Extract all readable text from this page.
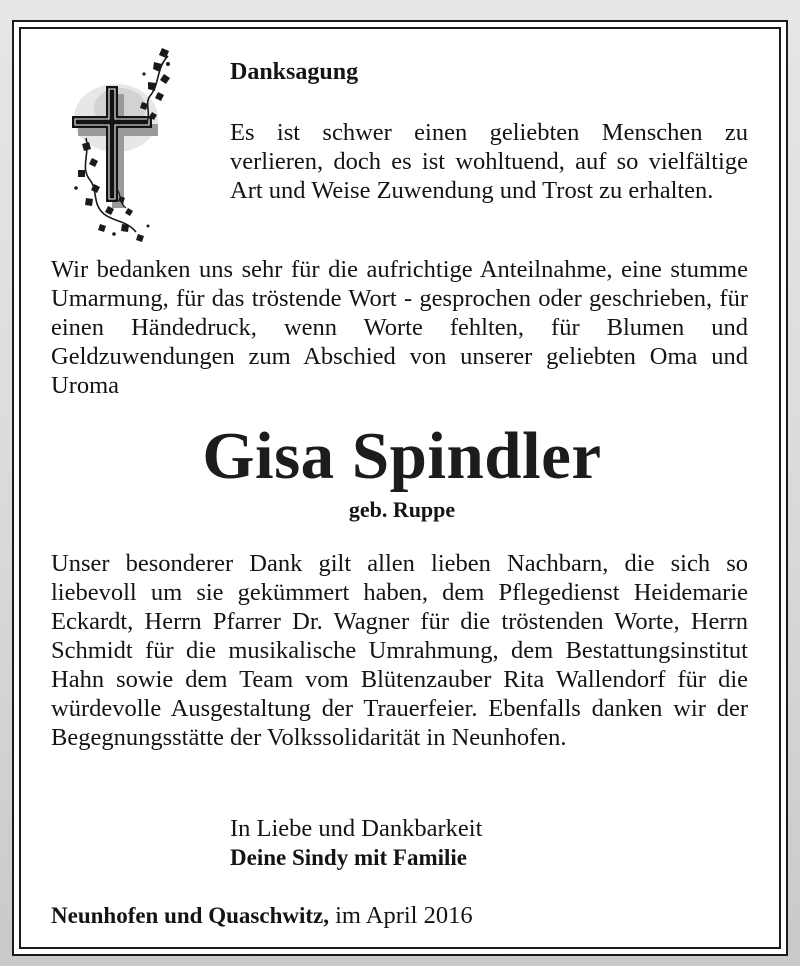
Danksagung

Es ist schwer einen geliebten Menschen zu verlieren, doch es ist wohltuend, auf so vielfältige Art und Weise Zuwendung und Trost zu erhalten.

Wir bedanken uns sehr für die aufrichtige Anteilnahme, eine stumme Umarmung, für das tröstende Wort - gesprochen oder geschrieben, für einen Händedruck, wenn Worte fehlten, für Blumen und Geldzuwendungen zum Abschied von unserer geliebten Oma und Uroma

Gisa Spindler

geb. Ruppe

Unser besonderer Dank gilt allen lieben Nachbarn, die sich so liebevoll um sie gekümmert haben, dem Pflegedienst Heidemarie Eckardt, Herrn Pfarrer Dr. Wagner für die tröstenden Worte, Herrn Schmidt für die musikalische Umrahmung, dem Bestattungsinstitut Hahn sowie dem Team vom Blütenzauber Rita Wallendorf für die würdevolle Ausgestaltung der Trauerfeier. Ebenfalls danken wir der Begegnungsstätte der Volkssolidarität in Neunhofen.

In Liebe und Dankbarkeit

Deine Sindy mit Familie

Neunhofen und Quaschwitz, im April 2016
